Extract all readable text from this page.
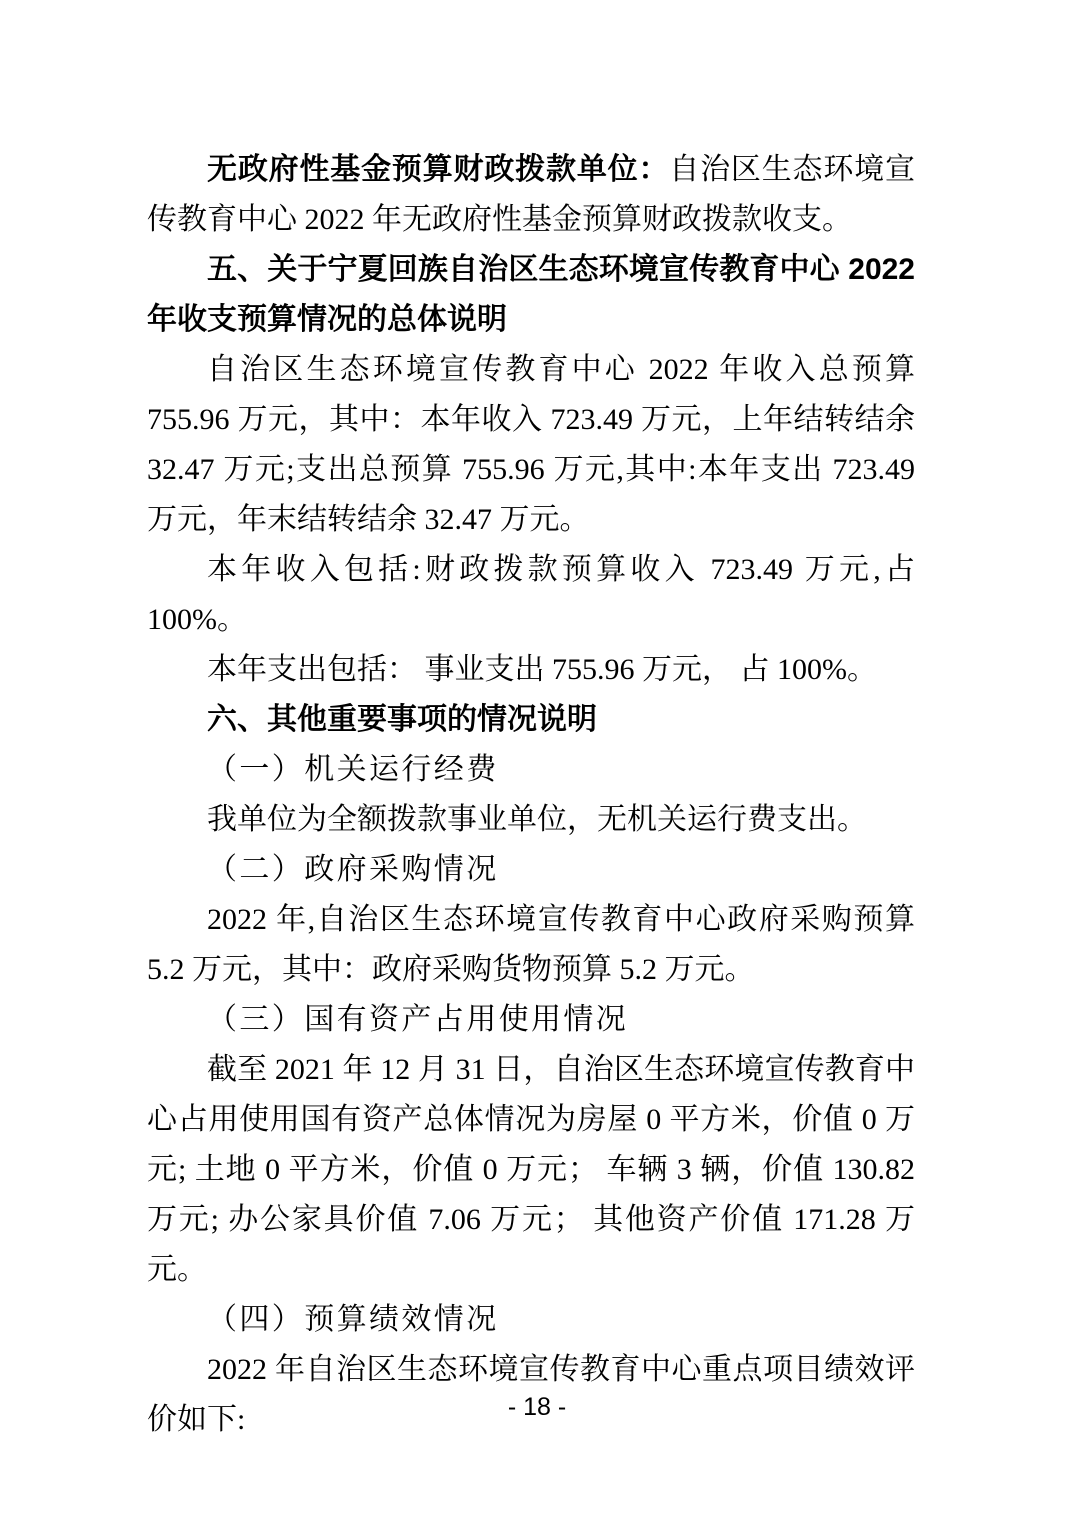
无政府性基金预算财政拨款单位：自治区生态环境宣传教育中心 2022 年无政府性基金预算财政拨款收支。

五、关于宁夏回族自治区生态环境宣传教育中心 2022 年收支预算情况的总体说明

自治区生态环境宣传教育中心 2022 年收入总预算 755.96 万元，其中：本年收入 723.49 万元，上年结转结余 32.47 万元;支出总预算 755.96 万元,其中:本年支出 723.49 万元，年末结转结余 32.47 万元。

本年收入包括:财政拨款预算收入 723.49 万元,占 100%。

本年支出包括： 事业支出 755.96 万元， 占 100%。

六、其他重要事项的情况说明

（一）机关运行经费

我单位为全额拨款事业单位，无机关运行费支出。

（二）政府采购情况

2022 年,自治区生态环境宣传教育中心政府采购预算 5.2 万元，其中：政府采购货物预算 5.2 万元。

（三）国有资产占用使用情况

截至 2021 年 12 月 31 日，自治区生态环境宣传教育中心占用使用国有资产总体情况为房屋 0 平方米，价值 0 万元; 土地 0 平方米，价值 0 万元； 车辆 3 辆，价值 130.82 万元; 办公家具价值 7.06 万元； 其他资产价值 171.28 万元。

（四）预算绩效情况

2022 年自治区生态环境宣传教育中心重点项目绩效评价如下:	- 18 -
